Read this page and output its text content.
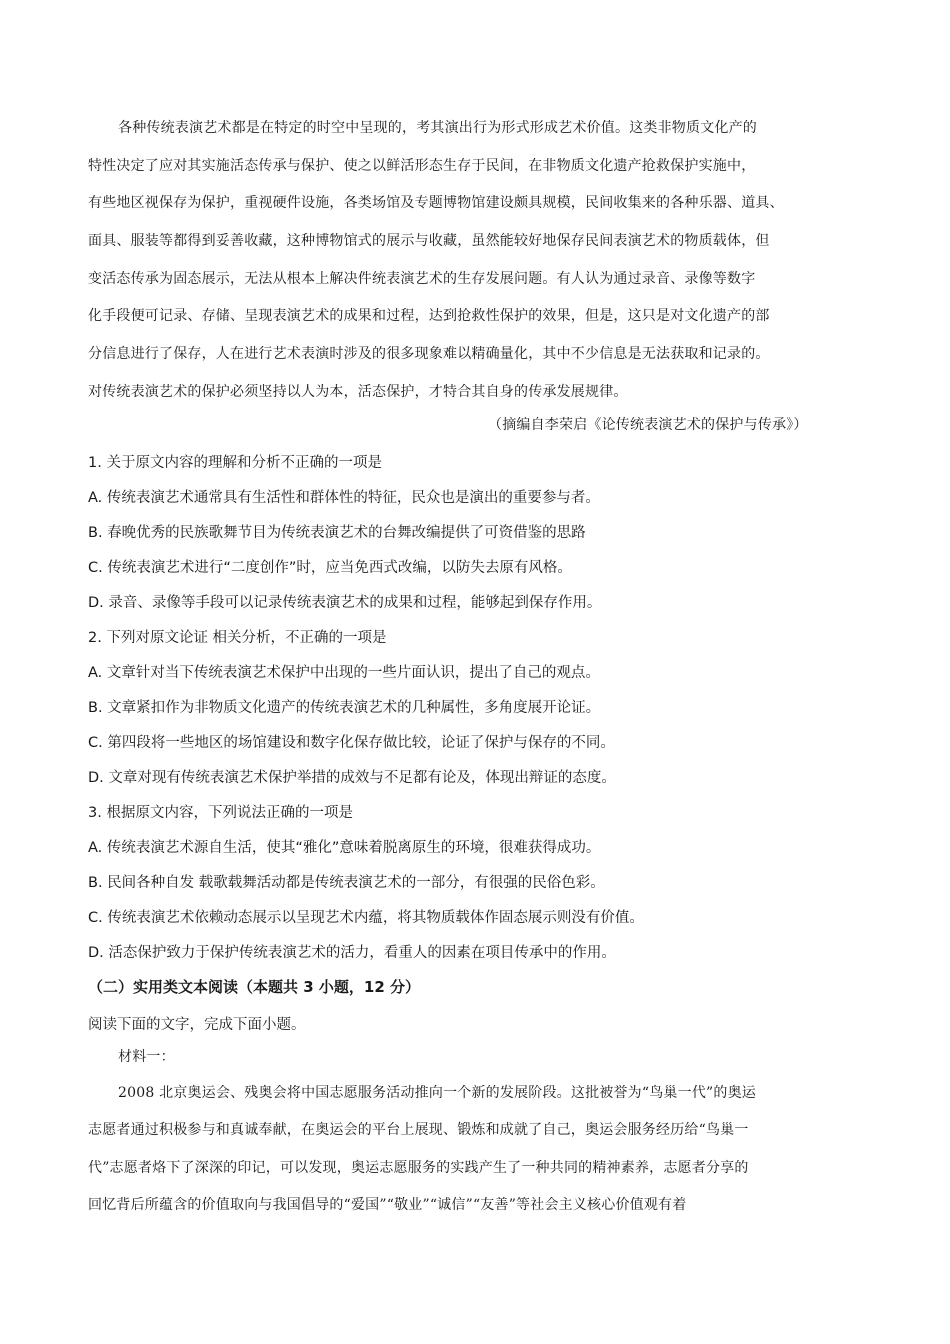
各种传统表演艺术都是在特定的时空中呈现的，考其演出行为形式形成艺术价值。这类非物质文化产的

特性决定了应对其实施活态传承与保护、使之以鲜活形态生存于民间，在非物质文化遗产抢救保护实施中，

有些地区视保存为保护，重视硬件设施，各类场馆及专题博物馆建设颇具规模，民间收集来的各种乐器、道具、

面具、服装等都得到妥善收藏，这种博物馆式的展示与收藏，虽然能较好地保存民间表演艺术的物质载体，但

变活态传承为固态展示，无法从根本上解决件统表演艺术的生存发展问题。有人认为通过录音、录像等数字

化手段便可记录、存储、呈现表演艺术的成果和过程，达到抢救性保护的效果，但是，这只是对文化遗产的部

分信息进行了保存，人在进行艺术表演时涉及的很多现象难以精确量化，其中不少信息是无法获取和记录的。

对传统表演艺术的保护必须坚持以人为本，活态保护，才特合其自身的传承发展规律。

（摘编自李荣启《论传统表演艺术的保护与传承》）

1. 关于原文内容的理解和分析不正确的一项是

A. 传统表演艺术通常具有生活性和群体性的特征，民众也是演出的重要参与者。

B. 春晚优秀的民族歌舞节目为传统表演艺术的台舞改编提供了可资借鉴的思路

C. 传统表演艺术进行“二度创作”时，应当免西式改编，以防失去原有风格。

D. 录音、录像等手段可以记录传统表演艺术的成果和过程，能够起到保存作用。

2. 下列对原文论证 相关分析，不正确的一项是

A. 文章针对当下传统表演艺术保护中出现的一些片面认识，提出了自己的观点。

B. 文章紧扣作为非物质文化遗产的传统表演艺术的几种属性，多角度展开论证。

C. 第四段将一些地区的场馆建设和数字化保存做比较，论证了保护与保存的不同。

D. 文章对现有传统表演艺术保护举措的成效与不足都有论及，体现出辩证的态度。

3. 根据原文内容，下列说法正确的一项是

A. 传统表演艺术源自生活，使其“雅化”意味着脱离原生的环境，很难获得成功。

B. 民间各种自发 载歌载舞活动都是传统表演艺术的一部分，有很强的民俗色彩。

C. 传统表演艺术依赖动态展示以呈现艺术内蕴，将其物质载体作固态展示则没有价值。

D. 活态保护致力于保护传统表演艺术的活力，看重人的因素在项目传承中的作用。

（二）实用类文本阅读（本题共 3 小题，12 分）

阅读下面的文字，完成下面小题。

材料一：

2008 北京奥运会、残奥会将中国志愿服务活动推向一个新的发展阶段。这批被誉为“鸟巢一代”的奥运

志愿者通过积极参与和真诚奉献，在奥运会的平台上展现、锻炼和成就了自己，奥运会服务经历给“鸟巢一

代”志愿者烙下了深深的印记，可以发现，奥运志愿服务的实践产生了一种共同的精神素养，志愿者分享的

回忆背后所蕴含的价值取向与我国倡导的“爱国”“敬业”“诚信”“友善”等社会主义核心价值观有着
